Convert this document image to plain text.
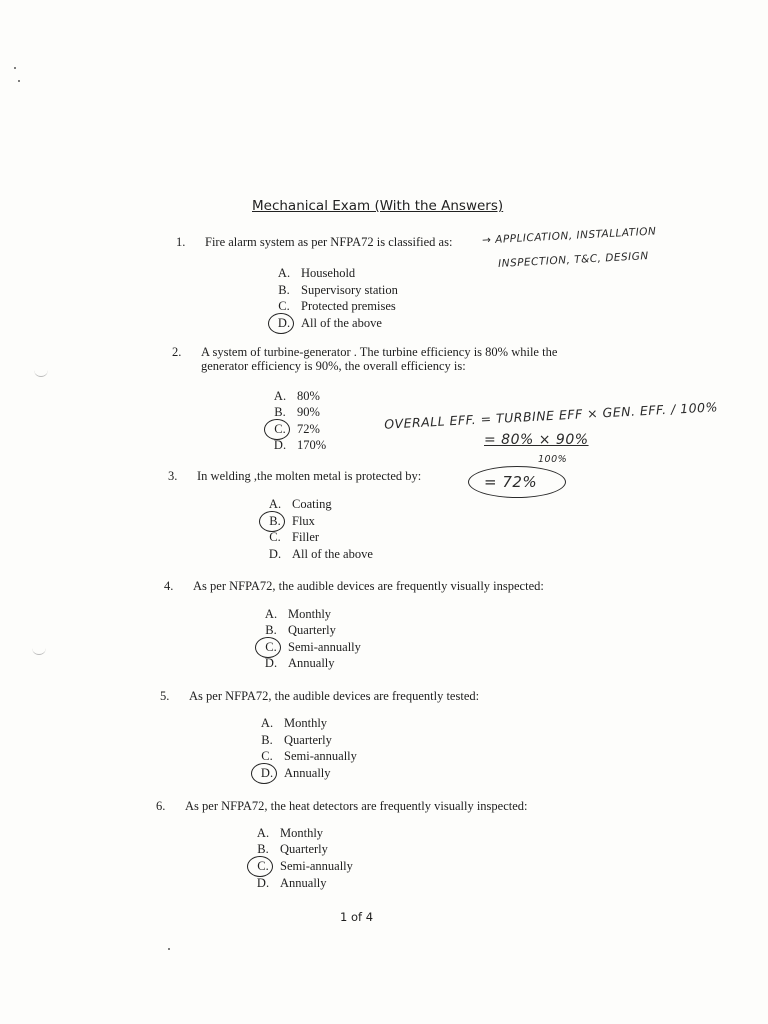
Mechanical Exam (With the Answers)
1. Fire alarm system as per NFPA72 is classified as:
A. Household
B. Supervisory station
C. Protected premises
D. All of the above
→ APPLICATION, INSTALLATION
INSPECTION, T&C, DESIGN
2. A system of turbine-generator . The turbine efficiency is 80% while the
generator efficiency is 90%, the overall efficiency is:
A. 80%
B. 90%
C. 72%
D. 170%
OVERALL EFF. = TURBINE EFF × GEN. EFF. / 100%
= 80% × 90%
100%
= 72%
3. In welding ,the molten metal is protected by:
A. Coating
B. Flux
C. Filler
D. All of the above
4. As per NFPA72, the audible devices are frequently visually inspected:
A. Monthly
B. Quarterly
C. Semi-annually
D. Annually
5. As per NFPA72, the audible devices are frequently tested:
A. Monthly
B. Quarterly
C. Semi-annually
D. Annually
6. As per NFPA72, the heat detectors are frequently visually inspected:
A. Monthly
B. Quarterly
C. Semi-annually
D. Annually
1 of 4
